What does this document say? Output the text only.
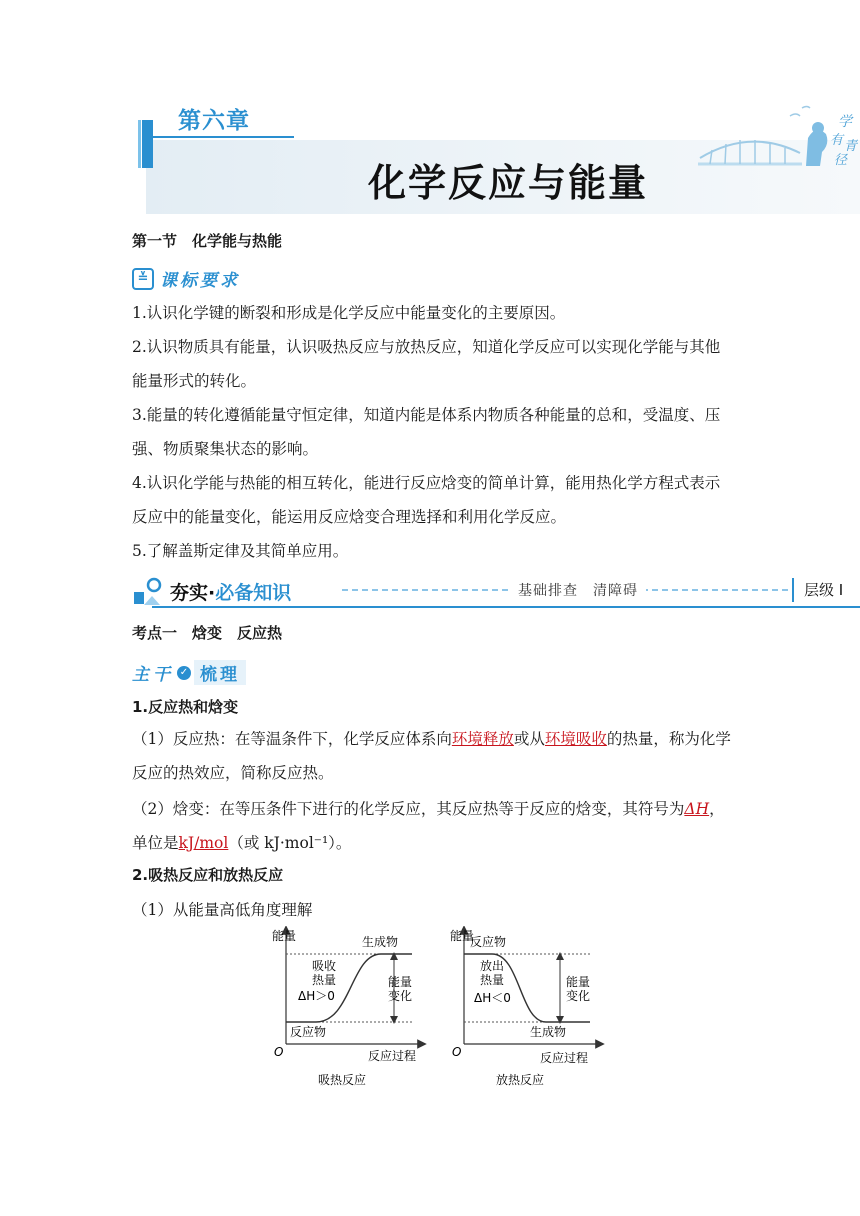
第六章
化学反应与能量
学
有 青
径
第一节　化学能与热能
≚ 课标要求

1.认识化学键的断裂和形成是化学反应中能量变化的主要原因。

2.认识物质具有能量，认识吸热反应与放热反应，知道化学反应可以实现化学能与其他能量形式的转化。

3.能量的转化遵循能量守恒定律，知道内能是体系内物质各种能量的总和，受温度、压强、物质聚集状态的影响。

4.认识化学能与热能的相互转化，能进行反应焓变的简单计算，能用热化学方程式表示反应中的能量变化，能运用反应焓变合理选择和利用化学反应。

5.了解盖斯定律及其简单应用。

夯实·必备知识	基础排查　清障碍	层级 Ⅰ
考点一　焓变　反应热
主干 ✓ 梳理
1.反应热和焓变

（1）反应热：在等温条件下，化学反应体系向环境释放或从环境吸收的热量，称为化学反应的热效应，简称反应热。

（2）焓变：在等压条件下进行的化学反应，其反应热等于反应的焓变，其符号为ΔH，单位是kJ/mol（或 kJ·mol⁻¹）。

2.吸热反应和放热反应
（1）从能量高低角度理解
能量	生成物
吸收
热量
ΔH＞0
能量
变化
反应物
O	反应过程
吸热反应
能量
反应物
放出
热量
ΔH＜0
能量
变化
生成物
O	反应过程
放热反应
